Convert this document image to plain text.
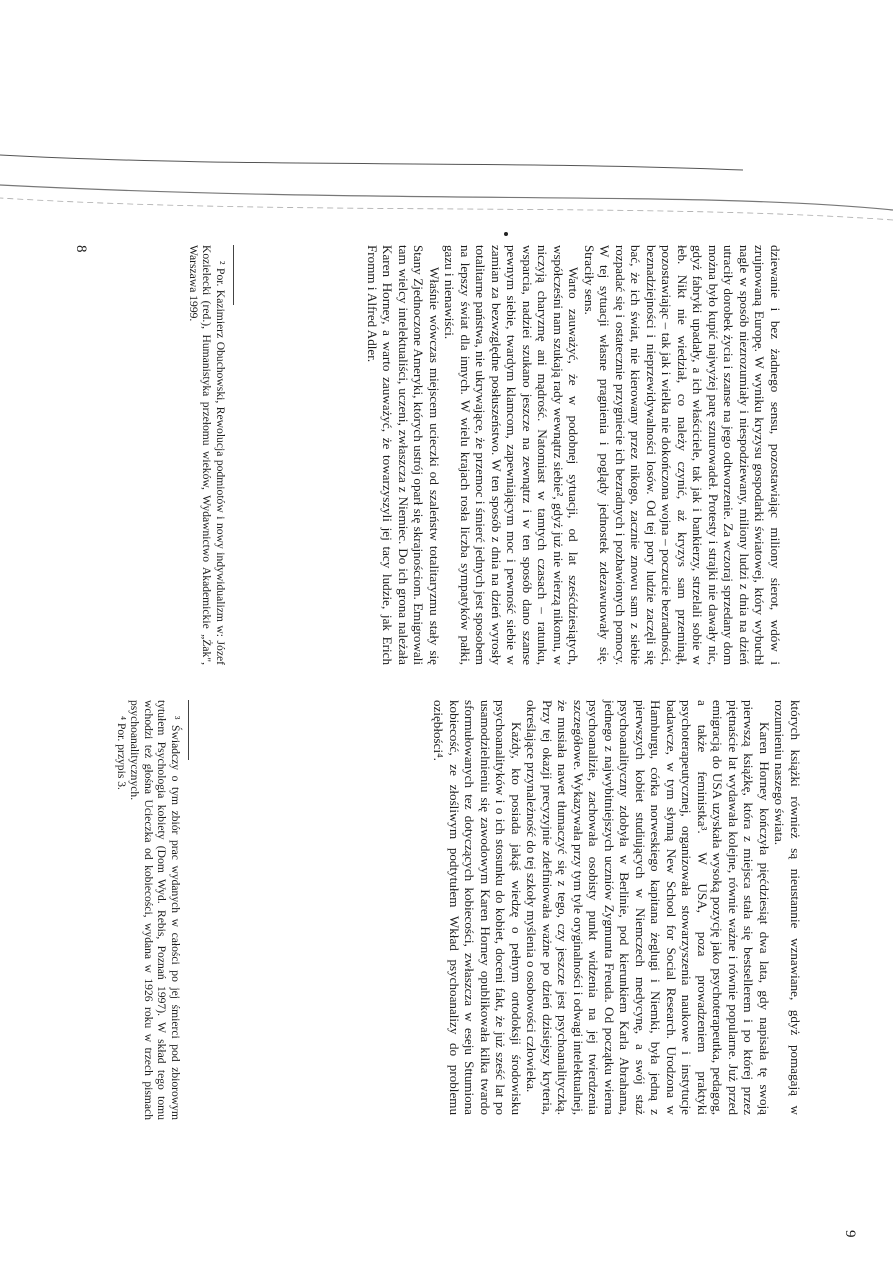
dziewanie i bez żadnego sensu, pozostawiając miliony sierot, wdów i zrujnowaną Europę. W wyniku kryzysu gospodarki światowej, który wybuchł nagle w sposób niezrozumiały i niespodziewany, miliony ludzi z dnia na dzień utraciły dorobek życia i szanse na jego odtworzenie. Za wczoraj sprzedany dom można było kupić najwyżej parę sznurowadeł. Protesty i strajki nie dawały nic, gdyż fabryki upadały, a ich właściciele, tak jak i bankierzy, strzelali sobie w łeb. Nikt nie wiedział, co należy czynić, aż kryzys sam przeminął, pozostawiając – tak jak i wielka nie dokończona wojna – poczucie bezradności, beznadziejności i nieprzewidywalności losów. Od tej pory ludzie zaczęli się bać, że ich świat, nie kierowany przez nikogo, zacznie znowu sam z siebie rozpadać się i ostatecznie przygniecie ich bezradnych i pozbawionych pomocy. W tej sytuacji własne pragnienia i poglądy jednostek zdezawuowały się. Straciły sens.

Warto zauważyć, że w podobnej sytuacji, od lat sześćdziesiątych, współcześni nam szukają rady wewnątrz siebie², gdyż już nie wierzą nikomu, w niczyją charyzmę ani mądrość. Natomiast w tamtych czasach – ratunku, wsparcia, nadziei szukano jeszcze na zewnątrz i w ten sposób dano szanse pewnym siebie, twardym klamcom, zapewniającym moc i pewność siebie w zamian za bezwzględne posłuszeństwo. W ten sposób z dnia na dzień wyrosły totalitarne państwa, nie ukrywające, że przemoc i śmierć jednych jest sposobem na lepszy świat dla innych. W wielu krajach rosła liczba sympatyków pałki, gazu i nienawiści.

Właśnie wówczas miejscem ucieczki od szaleństw totalitaryzmu stały się Stany Zjednoczone Ameryki, których ustrój oparł się skrajnościom. Emigrowali tam wielcy intelektualiści, uczeni, zwłaszcza z Niemiec. Do ich grona należała Karen Horney, a warto zauważyć, że towarzyszyli jej tacy ludzie, jak Erich Fromm i Alfred Adler.

² Por. Kazimierz Obuchowski, Rewolucja podmiotów i nowy indywidualizm w: Józef Kozielecki (red.), Humanistyka przełomu wieków, Wydawnictwo Akademickie „Żak", Warszawa 1999.

8

których książki również są nieustannie wznawiane, gdyż pomagają w rozumieniu naszego świata.

Karen Horney kończyła pięćdziesiąt dwa lata, gdy napisała tę swoją pierwszą książkę, która z miejsca stała się bestsellerem i po której przez piętnaście lat wydawała kolejne, równie ważne i równie popularne. Już przed emigracją do USA uzyskała wysoką pozycję jako psychoterapeutka, pedagog, a także feministka³. W USA, poza prowadzeniem praktyki psychoterapeutycznej, organizowała stowarzyszenia naukowe i instytucje badawcze, w tym słynną New School for Social Research. Urodzona w Hamburgu, córka norweskiego kapitana żeglugi i Niemki, była jedną z pierwszych kobiet studiujących w Niemczech medycynę, a swój staż psychoanalityczny zdobyła w Berlinie, pod kierunkiem Karla Abrahama, jednego z najwybitniejszych uczniów Zygmunta Freuda. Od początku wierna psychoanalizie, zachowała osobisty punkt widzenia na jej twierdzenia szczegółowe. Wykazywała przy tym tyle oryginalności i odwagi intelektualnej, że musiała nawet tłumaczyć się z tego, czy jeszcze jest psychoanalityczką. Przy tej okazji precyzyjnie zdefiniowała ważne po dzień dzisiejszy kryteria, określające przynależność do tej szkoły myślenia o osobowości człowieka.

Każdy, kto posiada jakąś wiedzę o pełnym ortodoksji środowisku psychoanalityków i o ich stosunku do kobiet, doceni fakt, że już sześć lat po usamodzielnieniu się zawodowym Karen Horney opublikowała kilka twardo sformułowanych tez dotyczących kobiecości, zwłaszcza w eseju Sttumiona kobiecość, ze złośliwym podtytułem Wkład psychoanalizy do problemu oziębłości⁴.

³ Świadczy o tym zbiór prac wydanych w całości po jej śmierci pod zbiorowym tytułem Psychologia kobiety (Dom Wyd. Rebis, Poznań 1997). W skład tego tomu wchodzi też głośna Ucieczka od kobiecości, wydana w 1926 roku w trzech pismach psychoanalitycznych.

⁴ Por. przypis 3.

9
